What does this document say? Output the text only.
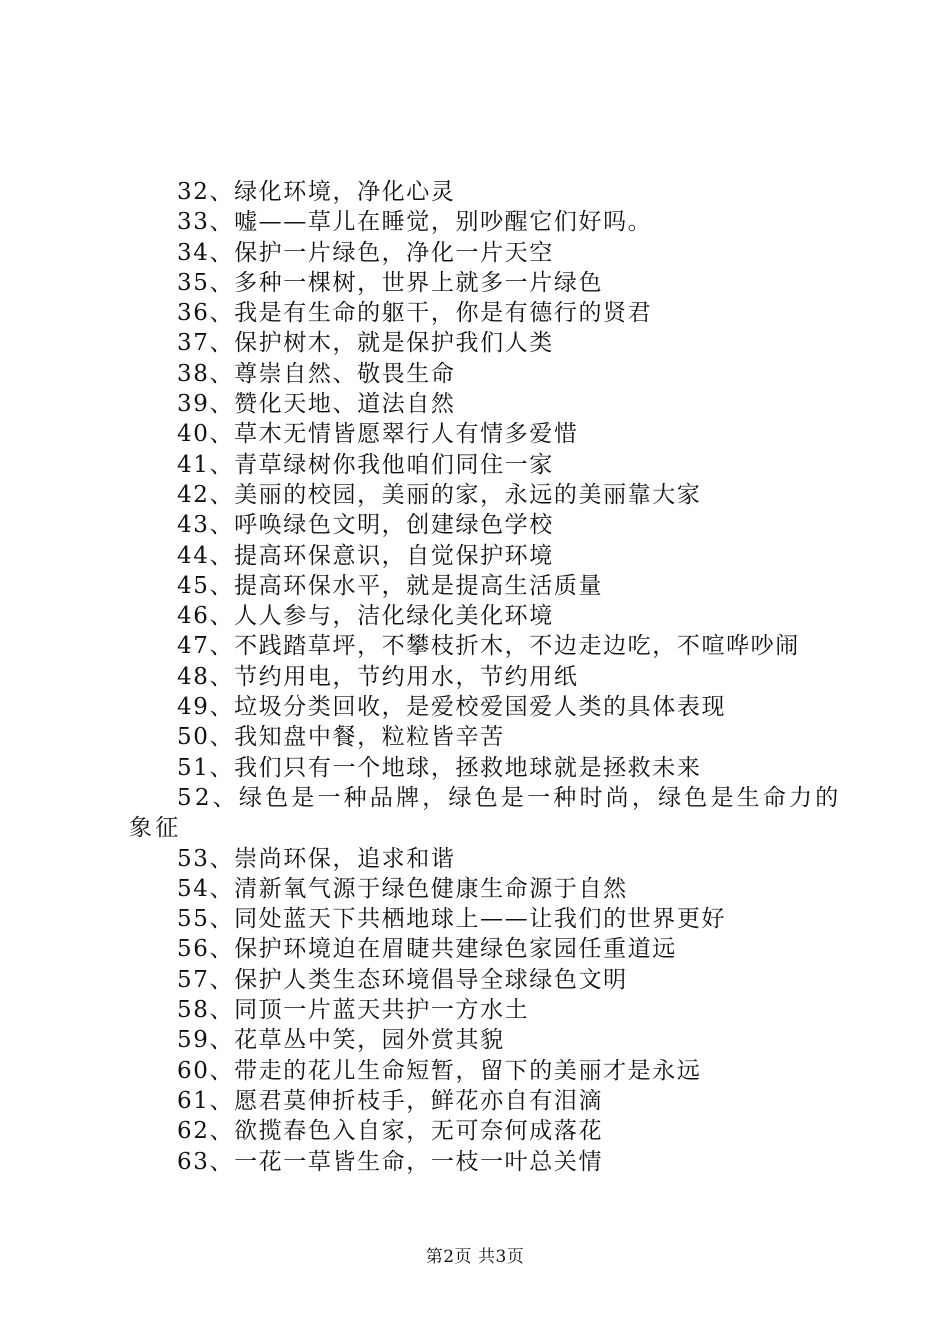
32、绿化环境，净化心灵
33、嘘——草儿在睡觉，别吵醒它们好吗。
34、保护一片绿色，净化一片天空
35、多种一棵树，世界上就多一片绿色
36、我是有生命的躯干，你是有德行的贤君
37、保护树木，就是保护我们人类
38、尊崇自然、敬畏生命
39、赞化天地、道法自然
40、草木无情皆愿翠行人有情多爱惜
41、青草绿树你我他咱们同住一家
42、美丽的校园，美丽的家，永远的美丽靠大家
43、呼唤绿色文明，创建绿色学校
44、提高环保意识，自觉保护环境
45、提高环保水平，就是提高生活质量
46、人人参与，洁化绿化美化环境
47、不践踏草坪，不攀枝折木，不边走边吃，不喧哗吵闹
48、节约用电，节约用水，节约用纸
49、垃圾分类回收，是爱校爱国爱人类的具体表现
50、我知盘中餐，粒粒皆辛苦
51、我们只有一个地球，拯救地球就是拯救未来
52、绿色是一种品牌，绿色是一种时尚，绿色是生命力的象征
53、崇尚环保，追求和谐
54、清新氧气源于绿色健康生命源于自然
55、同处蓝天下共栖地球上——让我们的世界更好
56、保护环境迫在眉睫共建绿色家园任重道远
57、保护人类生态环境倡导全球绿色文明
58、同顶一片蓝天共护一方水土
59、花草丛中笑，园外赏其貌
60、带走的花儿生命短暂，留下的美丽才是永远
61、愿君莫伸折枝手，鲜花亦自有泪滴
62、欲揽春色入自家，无可奈何成落花
63、一花一草皆生命，一枝一叶总关情
第2页 共3页
